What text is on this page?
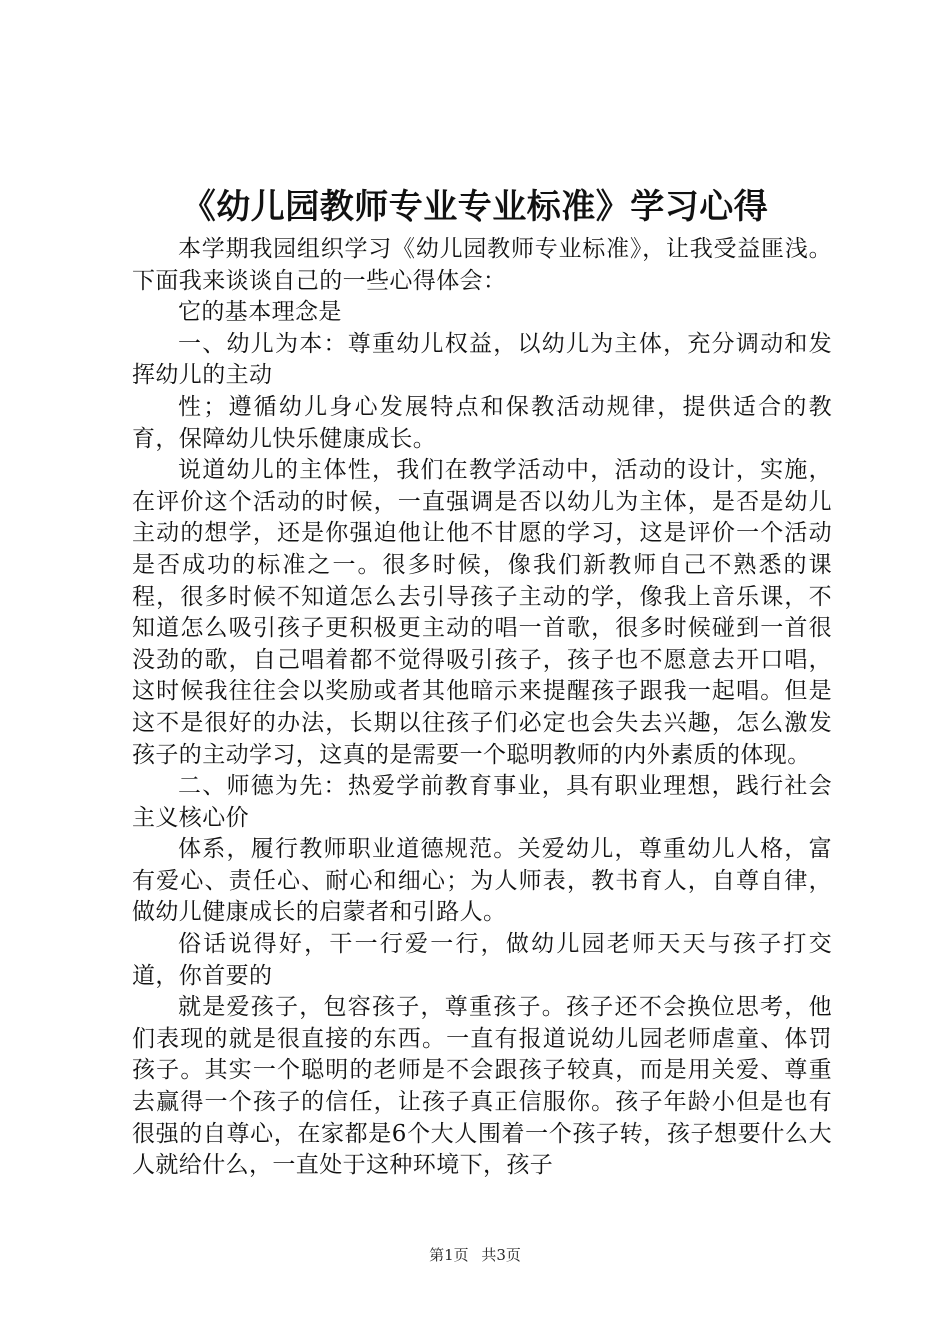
《幼儿园教师专业专业标准》学习心得

本学期我园组织学习《幼儿园教师专业标准》，让我受益匪浅。下面我来谈谈自己的一些心得体会：

它的基本理念是

一、幼儿为本：尊重幼儿权益，以幼儿为主体，充分调动和发挥幼儿的主动

性；遵循幼儿身心发展特点和保教活动规律，提供适合的教育，保障幼儿快乐健康成长。

说道幼儿的主体性，我们在教学活动中，活动的设计，实施，在评价这个活动的时候，一直强调是否以幼儿为主体，是否是幼儿主动的想学，还是你强迫他让他不甘愿的学习，这是评价一个活动是否成功的标准之一。很多时候，像我们新教师自己不熟悉的课程，很多时候不知道怎么去引导孩子主动的学，像我上音乐课，不知道怎么吸引孩子更积极更主动的唱一首歌，很多时候碰到一首很没劲的歌，自己唱着都不觉得吸引孩子，孩子也不愿意去开口唱，这时候我往往会以奖励或者其他暗示来提醒孩子跟我一起唱。但是这不是很好的办法，长期以往孩子们必定也会失去兴趣，怎么激发孩子的主动学习，这真的是需要一个聪明教师的内外素质的体现。

二、师德为先：热爱学前教育事业，具有职业理想，践行社会主义核心价

体系，履行教师职业道德规范。关爱幼儿，尊重幼儿人格，富有爱心、责任心、耐心和细心；为人师表，教书育人，自尊自律，做幼儿健康成长的启蒙者和引路人。

俗话说得好，干一行爱一行，做幼儿园老师天天与孩子打交道，你首要的

就是爱孩子，包容孩子，尊重孩子。孩子还不会换位思考，他们表现的就是很直接的东西。一直有报道说幼儿园老师虐童、体罚孩子。其实一个聪明的老师是不会跟孩子较真，而是用关爱、尊重去赢得一个孩子的信任，让孩子真正信服你。孩子年龄小但是也有很强的自尊心，在家都是6个大人围着一个孩子转，孩子想要什么大人就给什么，一直处于这种环境下，孩子

第1页 共3页
